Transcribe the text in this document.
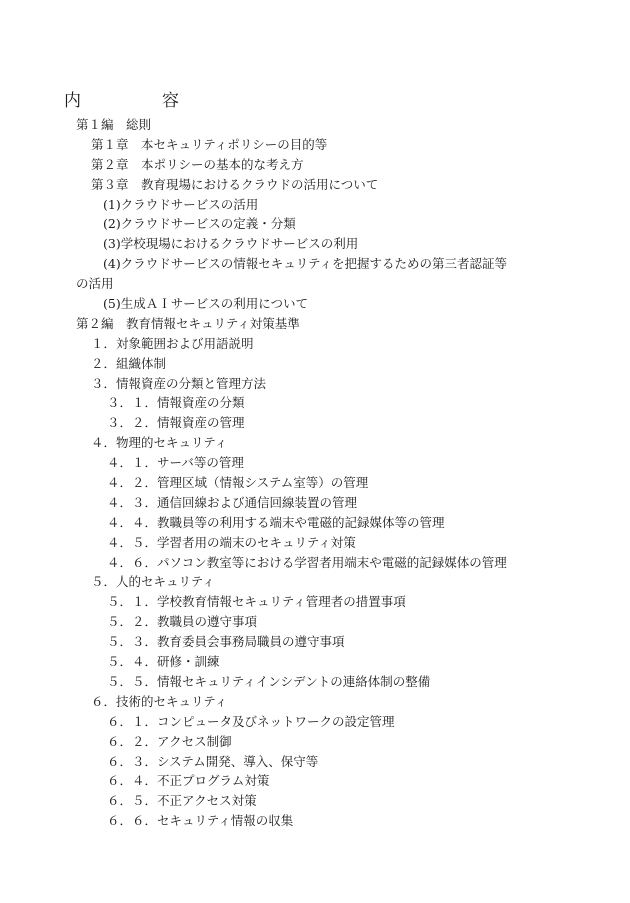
内　容
第１編　総則
第１章　本セキュリティポリシーの目的等
第２章　本ポリシーの基本的な考え方
第３章　教育現場におけるクラウドの活用について
(1)クラウドサービスの活用
(2)クラウドサービスの定義・分類
(3)学校現場におけるクラウドサービスの利用
(4)クラウドサービスの情報セキュリティを把握するための第三者認証等
の活用
(5)生成ＡＩサービスの利用について
第２編　教育情報セキュリティ対策基準
１．対象範囲および用語説明
２．組織体制
３．情報資産の分類と管理方法
３．１．情報資産の分類
３．２．情報資産の管理
４．物理的セキュリティ
４．１．サーバ等の管理
４．２．管理区域（情報システム室等）の管理
４．３．通信回線および通信回線装置の管理
４．４．教職員等の利用する端末や電磁的記録媒体等の管理
４．５．学習者用の端末のセキュリティ対策
４．６．パソコン教室等における学習者用端末や電磁的記録媒体の管理
５．人的セキュリティ
５．１．学校教育情報セキュリティ管理者の措置事項
５．２．教職員の遵守事項
５．３．教育委員会事務局職員の遵守事項
５．４．研修・訓練
５．５．情報セキュリティインシデントの連絡体制の整備
６．技術的セキュリティ
６．１．コンピュータ及びネットワークの設定管理
６．２．アクセス制御
６．３．システム開発、導入、保守等
６．４．不正プログラム対策
６．５．不正アクセス対策
６．６．セキュリティ情報の収集
